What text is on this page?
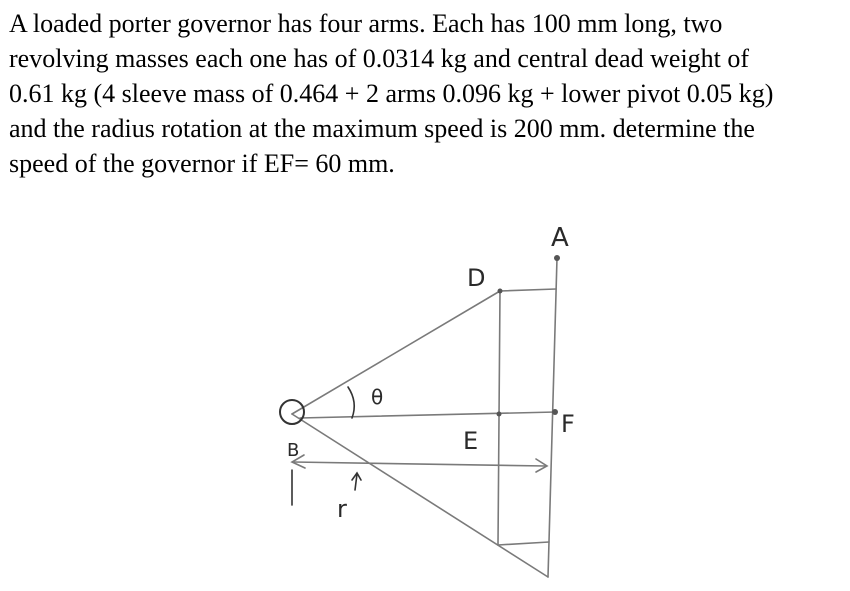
A loaded porter governor has four arms. Each has 100 mm long, two
revolving masses each one has of 0.0314 kg and central dead weight of
0.61 kg (4 sleeve mass of 0.464 + 2 arms 0.096 kg + lower pivot 0.05 kg)
and the radius rotation at the maximum speed is 200 mm. determine the
speed of the governor if EF= 60 mm.
A
D
θ
E
F
B
r
